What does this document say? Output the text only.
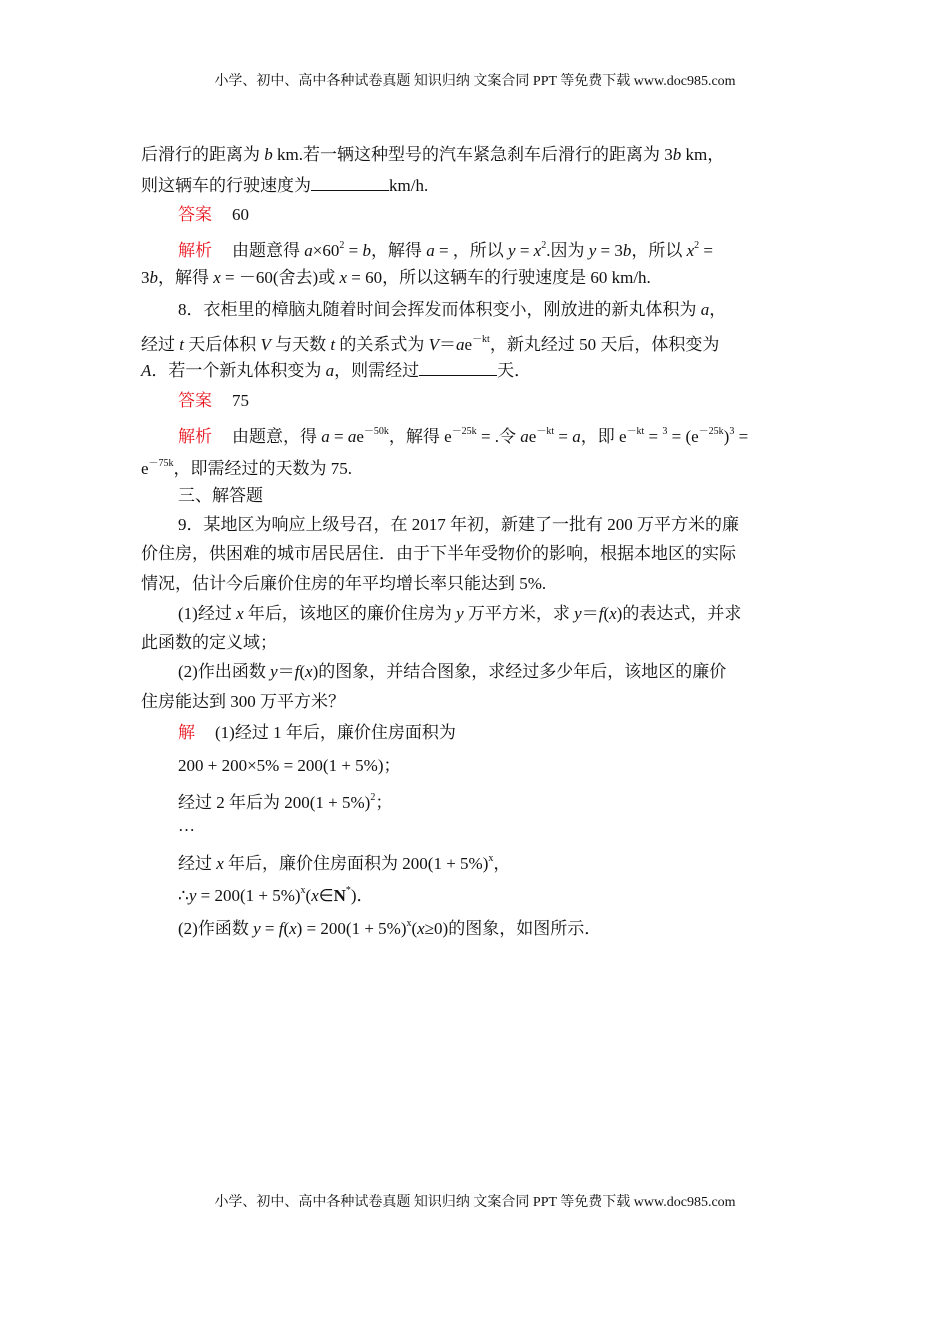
小学、初中、高中各种试卷真题 知识归纳 文案合同 PPT 等免费下载 www.doc985.com
后滑行的距离为 b km.若一辆这种型号的汽车紧急刹车后滑行的距离为 3b km，
则这辆车的行驶速度为	km/h.
答案 60
解析 由题意得 $a\times 60^2 = b$，解得 a = ，所以 $y = x^2$.因为 y = 3b，所以 $x^2$ =
3b，解得 x = －60(舍去)或 x = 60，所以这辆车的行驶速度是 60 km/h.
8．衣柜里的樟脑丸随着时间会挥发而体积变小，刚放进的新丸体积为 a，
经过 t 天后体积 V 与天数 t 的关系式为 $V=ae^{-kt}$，新丸经过 50 天后，体积变为
A．若一个新丸体积变为 a，则需经过	天．
答案 75
解析 由题意，得 $a = ae^{-50k}$，解得 $e^{-25k}$ = .令 $ae^{-kt} = a$，即 $e^{-kt} = ^3 = (e^{-25k})^3$ =
$e^{-75k}$，即需经过的天数为 75.
三、解答题
9．某地区为响应上级号召，在 2017 年初，新建了一批有 200 万平方米的廉
价住房，供困难的城市居民居住．由于下半年受物价的影响，根据本地区的实际
情况，估计今后廉价住房的年平均增长率只能达到 5%.
(1)经过 x 年后，该地区的廉价住房为 y 万平方米，求 y＝f(x)的表达式，并求
此函数的定义域；
(2)作出函数 y＝f(x)的图象，并结合图象，求经过多少年后，该地区的廉价
住房能达到 300 万平方米？
解 (1)经过 1 年后，廉价住房面积为
200 + 200×5% = 200(1 + 5%)；
经过 2 年后为 $200(1 + 5\%)^2$；
…
经过 x 年后，廉价住房面积为 $200(1 + 5\%)^x$，
∴y = $200(1 + 5\%)^x(x\in N^*)$．
(2)作函数 $y = f(x) = 200(1 + 5\%)^x(x\ge 0)$的图象，如图所示．
小学、初中、高中各种试卷真题 知识归纳 文案合同 PPT 等免费下载 www.doc985.com
